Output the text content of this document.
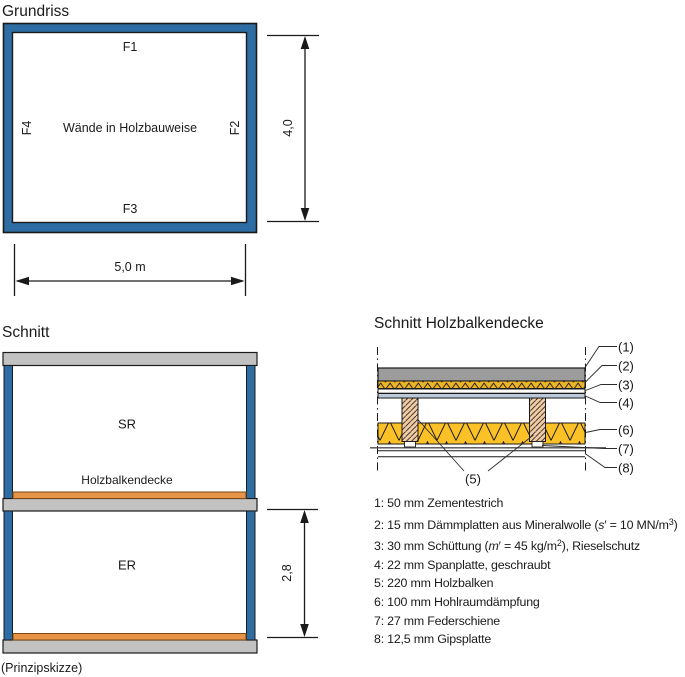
Grundriss
F1
F2
F3
F4 Wände in Holzbauweise	4,0
5,0 m
Schnitt
SR
Holzbalkendecke
ER	2,8
(Prinzipskizze)
Schnitt Holzbalkendecke
(1)
(2)
(3)
(4)
(5)
(6)
(7)
(8)
1: 50 mm Zementestrich
2: 15 mm Dämmplatten aus Mineralwolle (s′ = 10 $MN/m^3$)
3: 30 mm Schüttung (m′ = 45 $kg/m^2$), Rieselschutz
4: 22 mm Spanplatte, geschraubt
5: 220 mm Holzbalken
6: 100 mm Hohlraumdämpfung
7: 27 mm Federschiene
8: 12,5 mm Gipsplatte
